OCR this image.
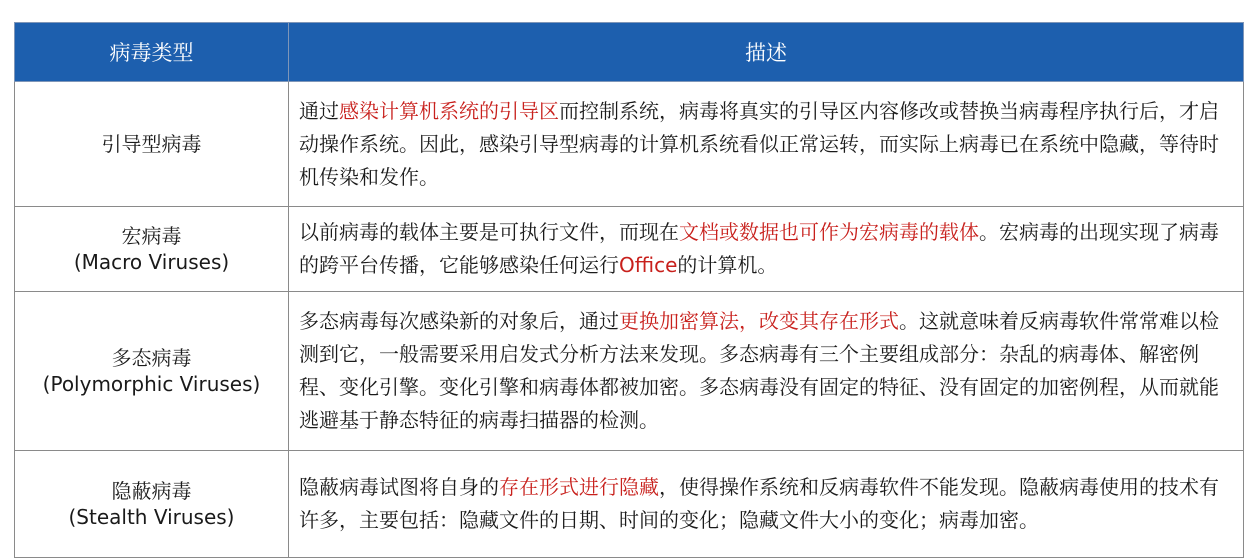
病毒类型	描述

引导型病毒	通过感染计算机系统的引导区而控制系统，病毒将真实的引导区内容修改或替换当病毒程序执行后，才启动操作系统。因此，感染引导型病毒的计算机系统看似正常运转，而实际上病毒已在系统中隐藏，等待时机传染和发作。

宏病毒
(Macro Viruses)	以前病毒的载体主要是可执行文件，而现在文档或数据也可作为宏病毒的载体。宏病毒的出现实现了病毒的跨平台传播，它能够感染任何运行Office的计算机。

多态病毒
(Polymorphic Viruses)	多态病毒每次感染新的对象后，通过更换加密算法，改变其存在形式。这就意味着反病毒软件常常难以检测到它，一般需要采用启发式分析方法来发现。多态病毒有三个主要组成部分：杂乱的病毒体、解密例程、变化引擎。变化引擎和病毒体都被加密。多态病毒没有固定的特征、没有固定的加密例程，从而就能逃避基于静态特征的病毒扫描器的检测。

隐蔽病毒
(Stealth Viruses)	隐蔽病毒试图将自身的存在形式进行隐藏，使得操作系统和反病毒软件不能发现。隐蔽病毒使用的技术有许多，主要包括：隐藏文件的日期、时间的变化；隐藏文件大小的变化；病毒加密。
